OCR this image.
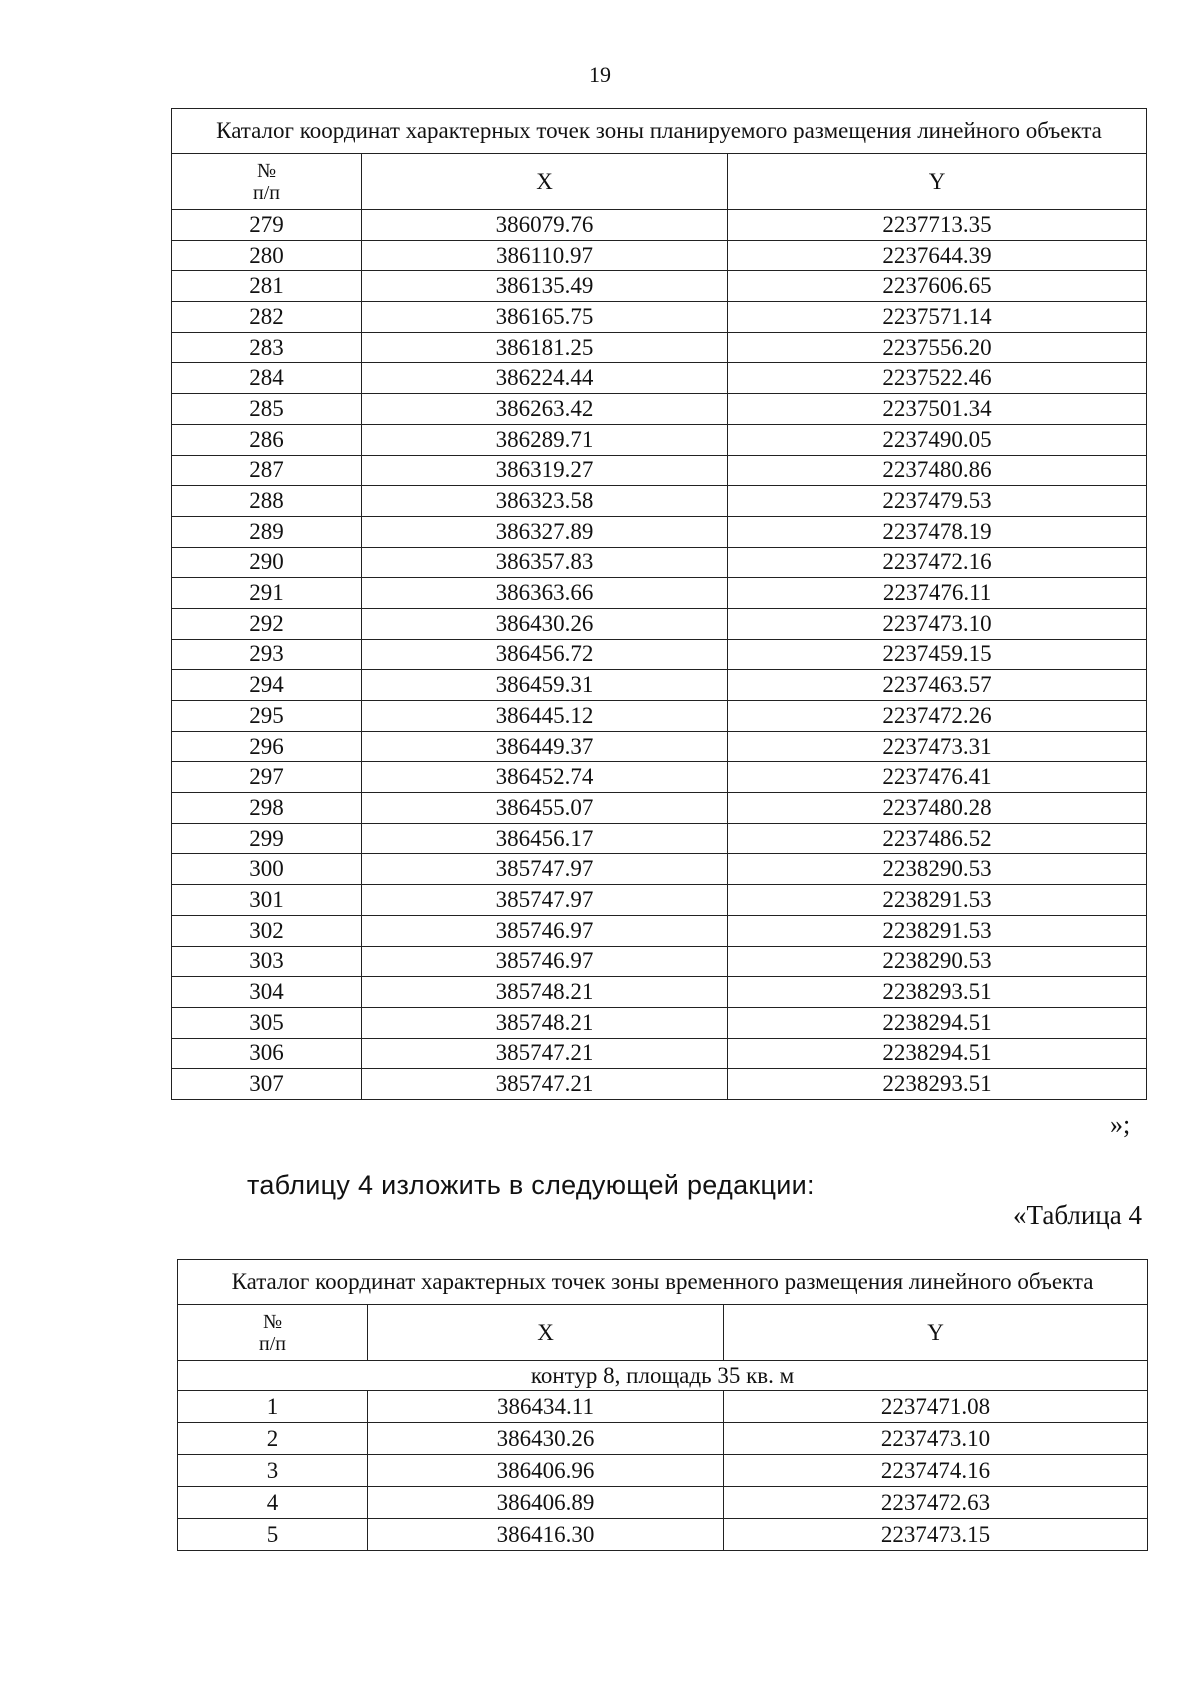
19
Каталог координат характерных точек зоны планируемого размещения линейного объекта		

№
п/п	X	Y
279	386079.76	2237713.35
280	386110.97	2237644.39
281	386135.49	2237606.65
282	386165.75	2237571.14
283	386181.25	2237556.20
284	386224.44	2237522.46
285	386263.42	2237501.34
286	386289.71	2237490.05
287	386319.27	2237480.86
288	386323.58	2237479.53
289	386327.89	2237478.19
290	386357.83	2237472.16
291	386363.66	2237476.11
292	386430.26	2237473.10
293	386456.72	2237459.15
294	386459.31	2237463.57
295	386445.12	2237472.26
296	386449.37	2237473.31
297	386452.74	2237476.41
298	386455.07	2237480.28
299	386456.17	2237486.52
300	385747.97	2238290.53
301	385747.97	2238291.53
302	385746.97	2238291.53
303	385746.97	2238290.53
304	385748.21	2238293.51
305	385748.21	2238294.51
306	385747.21	2238294.51
307	385747.21	2238293.51
»;
таблицу 4 изложить в следующей редакции:
«Таблица 4
Каталог координат характерных точек зоны временного размещения линейного объекта		

№
п/п	X	Y
контур 8, площадь 35 кв. м		
1	386434.11	2237471.08
2	386430.26	2237473.10
3	386406.96	2237474.16
4	386406.89	2237472.63
5	386416.30	2237473.15
